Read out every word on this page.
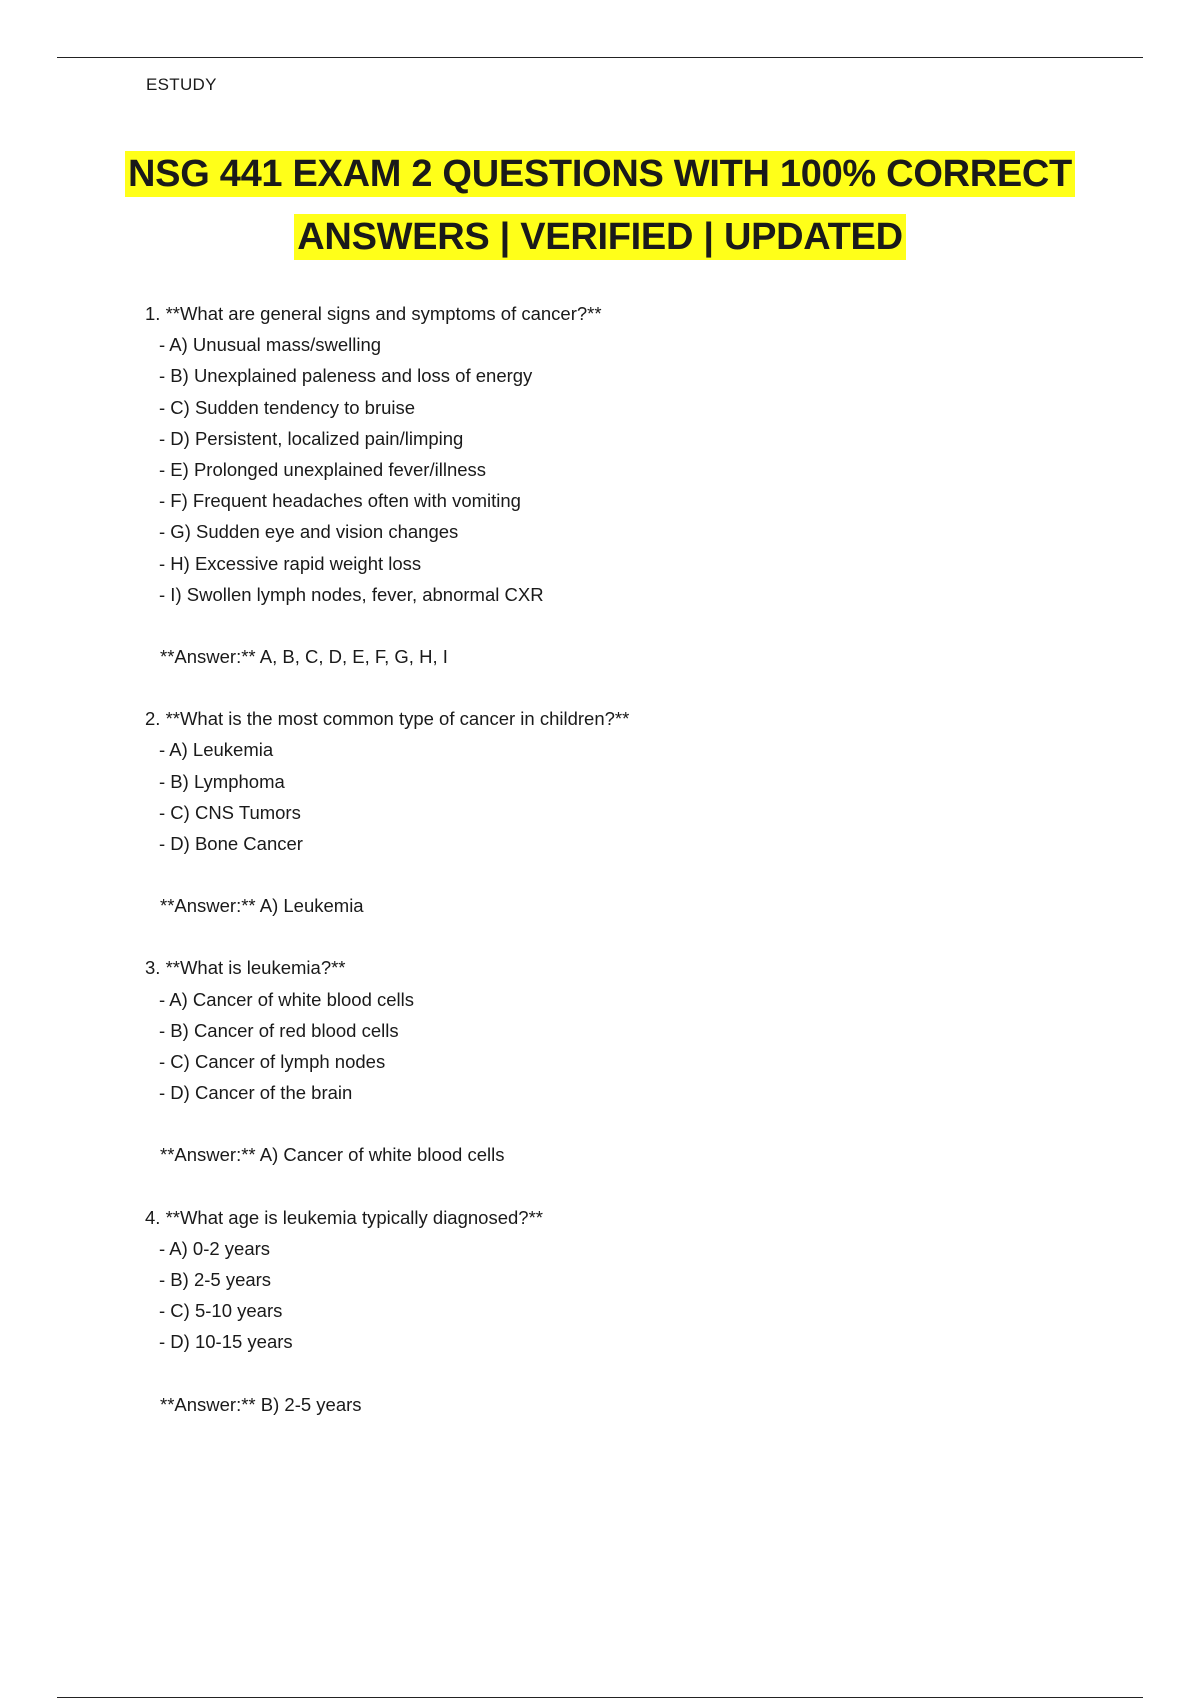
ESTUDY
NSG 441 EXAM 2 QUESTIONS WITH 100% CORRECT
ANSWERS | VERIFIED | UPDATED
1. **What are general signs and symptoms of cancer?**
- A) Unusual mass/swelling
- B) Unexplained paleness and loss of energy
- C) Sudden tendency to bruise
- D) Persistent, localized pain/limping
- E) Prolonged unexplained fever/illness
- F) Frequent headaches often with vomiting
- G) Sudden eye and vision changes
- H) Excessive rapid weight loss
- I) Swollen lymph nodes, fever, abnormal CXR
**Answer:** A, B, C, D, E, F, G, H, I
2. **What is the most common type of cancer in children?**
- A) Leukemia
- B) Lymphoma
- C) CNS Tumors
- D) Bone Cancer
**Answer:** A) Leukemia
3. **What is leukemia?**
- A) Cancer of white blood cells
- B) Cancer of red blood cells
- C) Cancer of lymph nodes
- D) Cancer of the brain
**Answer:** A) Cancer of white blood cells
4. **What age is leukemia typically diagnosed?**
- A) 0-2 years
- B) 2-5 years
- C) 5-10 years
- D) 10-15 years
**Answer:** B) 2-5 years
